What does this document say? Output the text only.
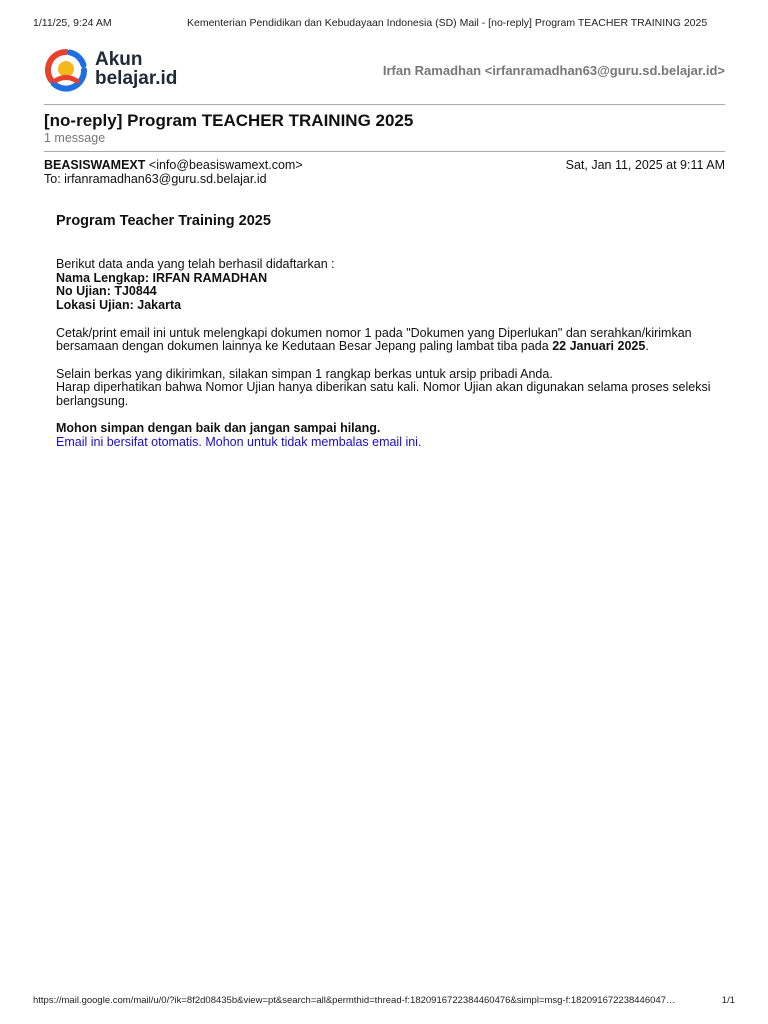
1/11/25, 9:24 AM	Kementerian Pendidikan dan Kebudayaan Indonesia (SD) Mail - [no-reply] Program TEACHER TRAINING 2025
Akun
belajar.id	Irfan Ramadhan <irfanramadhan63@guru.sd.belajar.id>
[no-reply] Program TEACHER TRAINING 2025
1 message
BEASISWAMEXT <info@beasiswamext.com>	Sat, Jan 11, 2025 at 9:11 AM
To: irfanramadhan63@guru.sd.belajar.id
Program Teacher Training 2025

Berikut data anda yang telah berhasil didaftarkan :
Nama Lengkap: IRFAN RAMADHAN
No Ujian: TJ0844
Lokasi Ujian: Jakarta

Cetak/print email ini untuk melengkapi dokumen nomor 1 pada "Dokumen yang Diperlukan" dan serahkan/kirimkan bersamaan dengan dokumen lainnya ke Kedutaan Besar Jepang paling lambat tiba pada 22 Januari 2025.

Selain berkas yang dikirimkan, silakan simpan 1 rangkap berkas untuk arsip pribadi Anda.
Harap diperhatikan bahwa Nomor Ujian hanya diberikan satu kali. Nomor Ujian akan digunakan selama proses seleksi berlangsung.

Mohon simpan dengan baik dan jangan sampai hilang.
Email ini bersifat otomatis. Mohon untuk tidak membalas email ini.

https://mail.google.com/mail/u/0/?ik=8f2d08435b&view=pt&search=all&permthid=thread-f:1820916722384460476&simpl=msg-f:182091672238446047…	1/1
